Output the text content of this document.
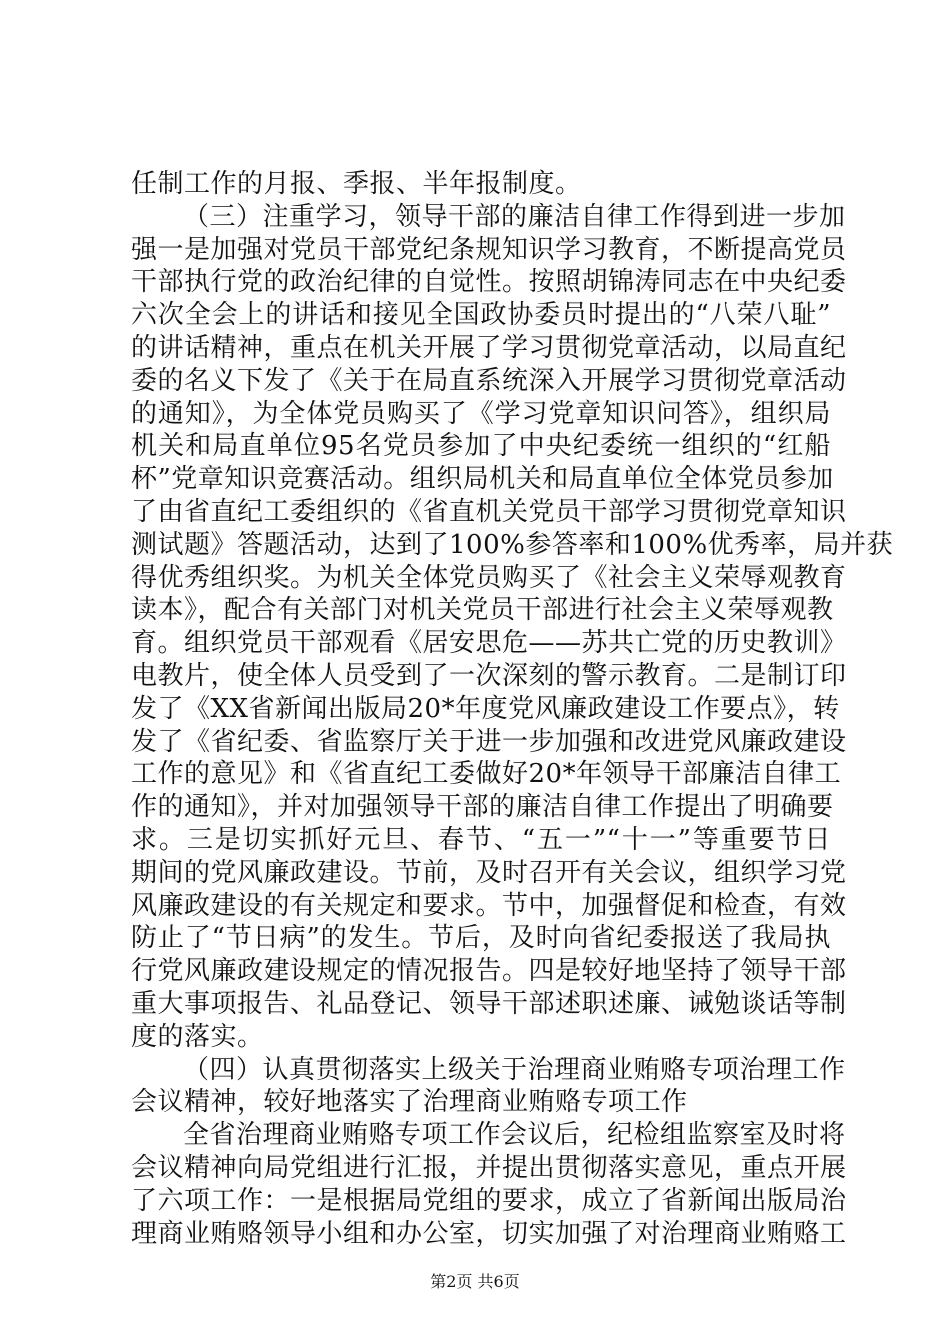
任制工作的月报、季报、半年报制度。
（三）注重学习，领导干部的廉洁自律工作得到进一步加
强一是加强对党员干部党纪条规知识学习教育，不断提高党员
干部执行党的政治纪律的自觉性。按照胡锦涛同志在中央纪委
六次全会上的讲话和接见全国政协委员时提出的“八荣八耻”
的讲话精神，重点在机关开展了学习贯彻党章活动，以局直纪
委的名义下发了《关于在局直系统深入开展学习贯彻党章活动
的通知》，为全体党员购买了《学习党章知识问答》，组织局
机关和局直单位95名党员参加了中央纪委统一组织的“红船
杯”党章知识竞赛活动。组织局机关和局直单位全体党员参加
了由省直纪工委组织的《省直机关党员干部学习贯彻党章知识
测试题》答题活动，达到了100%参答率和100%优秀率，局并获
得优秀组织奖。为机关全体党员购买了《社会主义荣辱观教育
读本》，配合有关部门对机关党员干部进行社会主义荣辱观教
育。组织党员干部观看《居安思危——苏共亡党的历史教训》
电教片，使全体人员受到了一次深刻的警示教育。二是制订印
发了《XX省新闻出版局20*年度党风廉政建设工作要点》，转
发了《省纪委、省监察厅关于进一步加强和改进党风廉政建设
工作的意见》和《省直纪工委做好20*年领导干部廉洁自律工
作的通知》，并对加强领导干部的廉洁自律工作提出了明确要
求。三是切实抓好元旦、春节、“五一”“十一”等重要节日
期间的党风廉政建设。节前，及时召开有关会议，组织学习党
风廉政建设的有关规定和要求。节中，加强督促和检查，有效
防止了“节日病”的发生。节后，及时向省纪委报送了我局执
行党风廉政建设规定的情况报告。四是较好地坚持了领导干部
重大事项报告、礼品登记、领导干部述职述廉、诫勉谈话等制
度的落实。
（四）认真贯彻落实上级关于治理商业贿赂专项治理工作
会议精神，较好地落实了治理商业贿赂专项工作
全省治理商业贿赂专项工作会议后，纪检组监察室及时将
会议精神向局党组进行汇报，并提出贯彻落实意见，重点开展
了六项工作：一是根据局党组的要求，成立了省新闻出版局治
理商业贿赂领导小组和办公室，切实加强了对治理商业贿赂工
第2页 共6页
